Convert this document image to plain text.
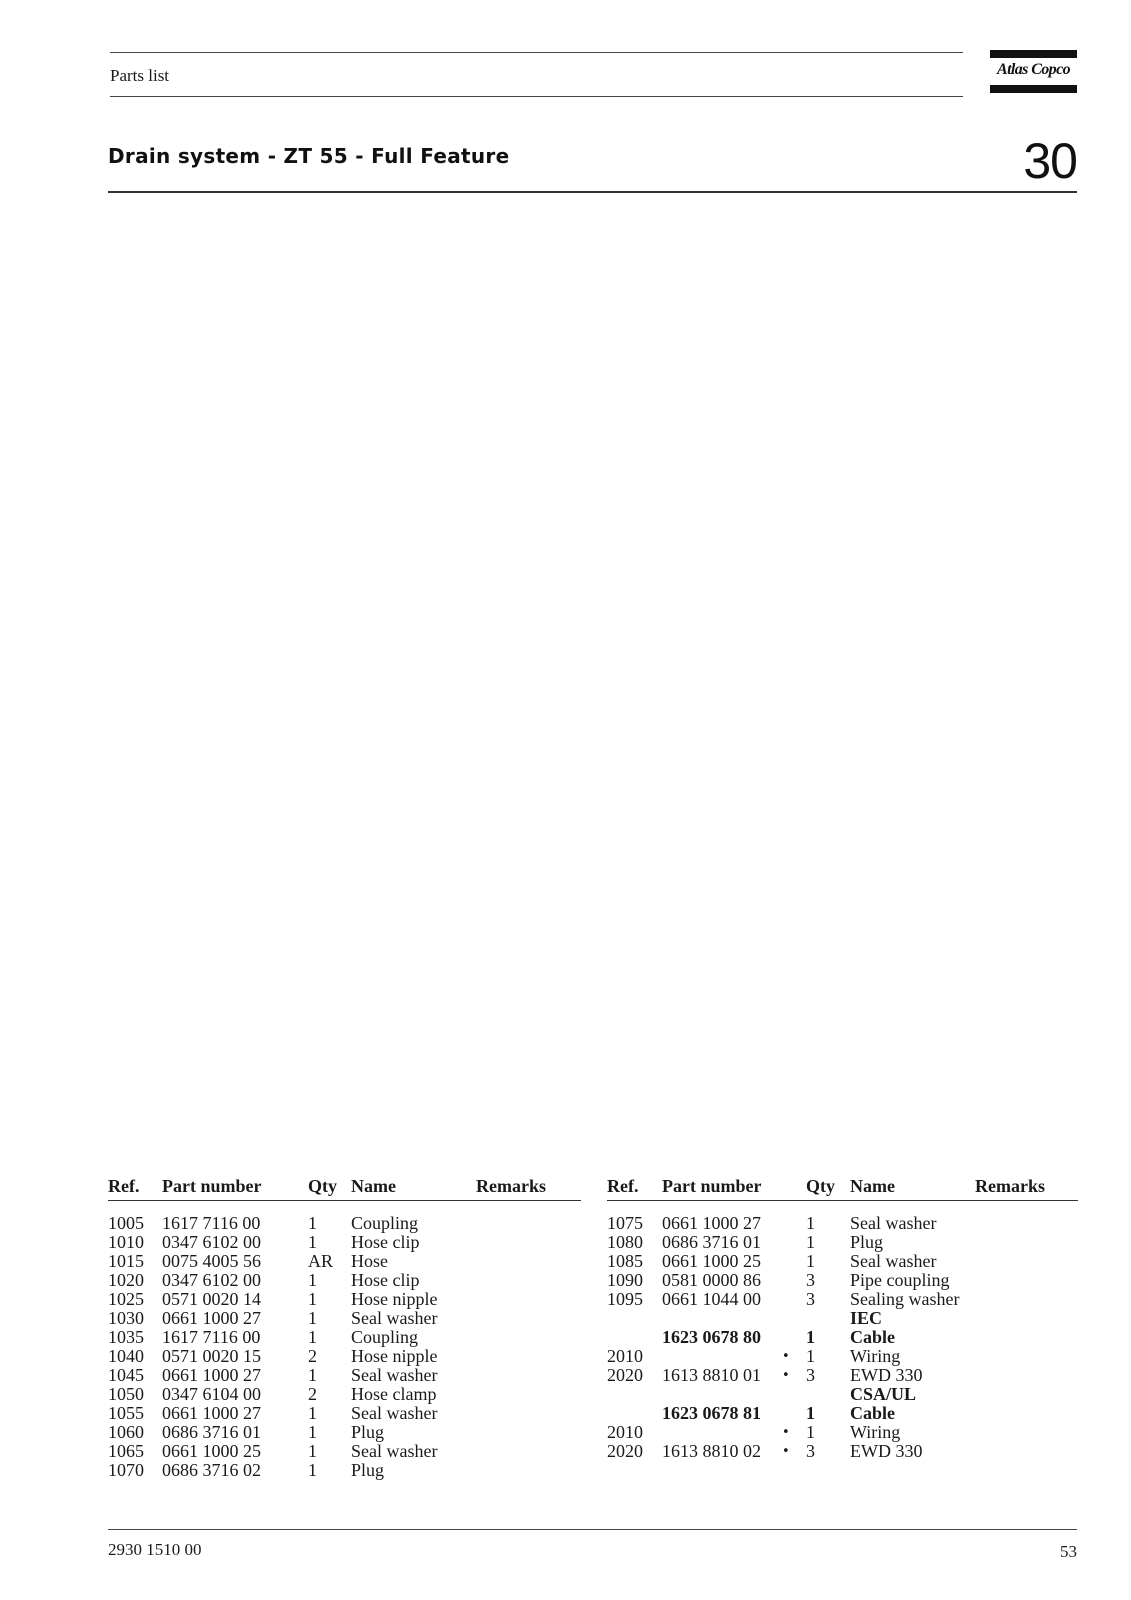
Parts list	Atlas Copco
Drain system - ZT 55 - Full Feature	30
Ref. Part number	Qty Name	Remarks
1005 1617 7116 00	1 Coupling
1010 0347 6102 00	1 Hose clip
1015 0075 4005 56	AR Hose
1020 0347 6102 00	1 Hose clip
1025 0571 0020 14	1 Hose nipple
1030 0661 1000 27	1 Seal washer
1035 1617 7116 00	1 Coupling
1040 0571 0020 15	2 Hose nipple
1045 0661 1000 27	1 Seal washer
1050 0347 6104 00	2 Hose clamp
1055 0661 1000 27	1 Seal washer
1060 0686 3716 01	1 Plug
1065 0661 1000 25	1 Seal washer
1070 0686 3716 02	1 Plug
Ref. Part number Qty Name	Remarks
1075 0661 1000 27	1 Seal washer
1080 0686 3716 01	1 Plug
1085 0661 1000 25	1 Seal washer
1090 0581 0000 86	3 Pipe coupling
1095 0661 1044 00	3 Sealing washer
IEC
1623 0678 80	1 Cable
2010	• 1 Wiring
2020 1613 8810 01 • 3 EWD 330
CSA/UL
1623 0678 81	1 Cable
2010	• 1 Wiring
2020 1613 8810 02 • 3 EWD 330
2930 1510 00	53
